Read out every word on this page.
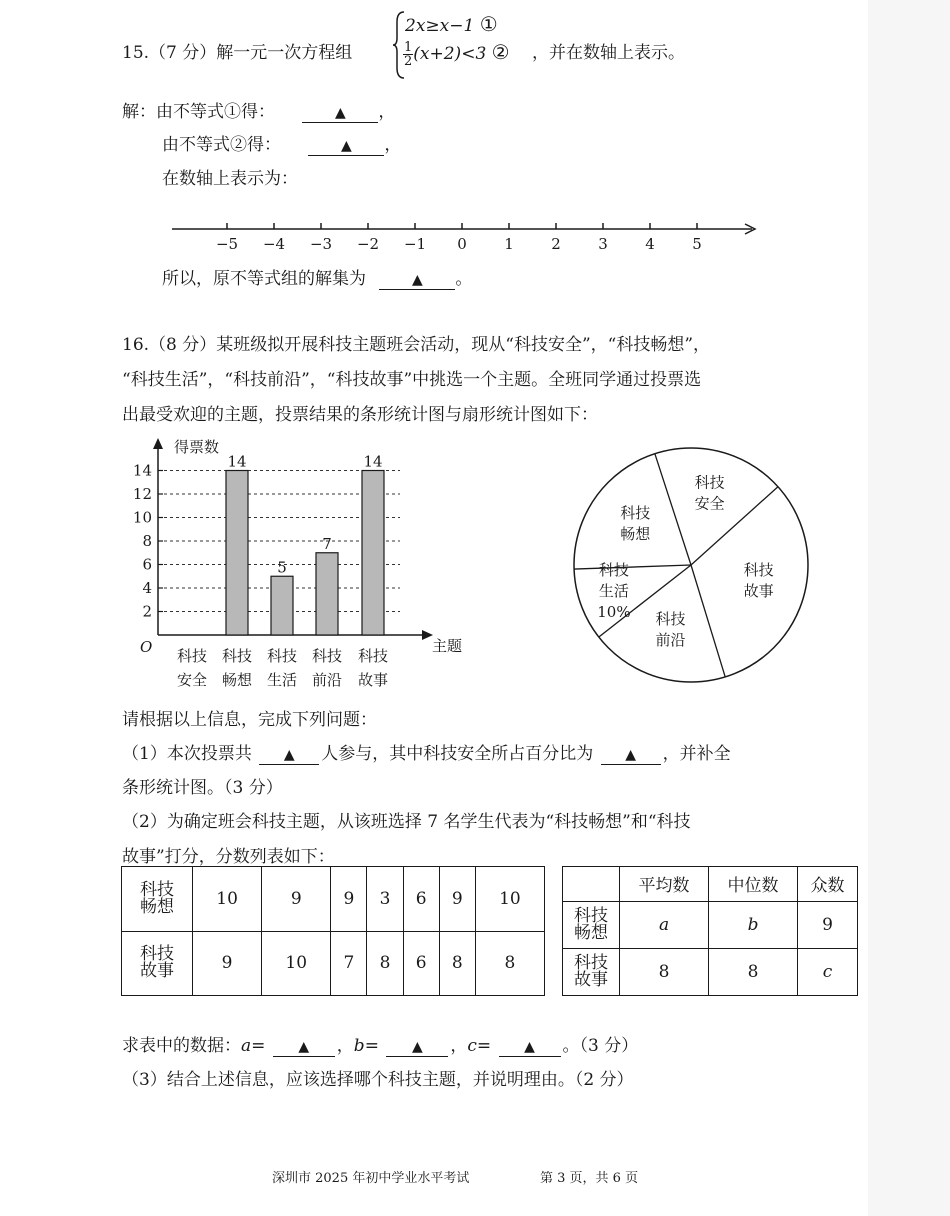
15.（7 分）解一元一次方程组
2x≥x−1 ①
$\frac{1}{2} (x+2)<3$ ② ，并在数轴上表示。
解：由不等式①得：	▲ ，
由不等式②得：	▲ ，
在数轴上表示为：
−5 −4 −3 −2 −1 0 1 2 3 4 5
所以，原不等式组的解集为	▲ 。
16.（8 分）某班级拟开展科技主题班会活动，现从“科技安全”，“科技畅想”，
“科技生活”，“科技前沿”，“科技故事”中挑选一个主题。全班同学通过投票选
出最受欢迎的主题，投票结果的条形统计图与扇形统计图如下：
2
4
6
8
10
12
14
得票数
主题
O 科技
安全
14
科技
畅想
5
科技
生活
7
科技
前沿
14
科技
故事
科技
安全
科技
故事
科技
前沿
科技
生活
10%
科技
畅想
请根据以上信息，完成下列问题：
（1）本次投票共 ▲ 人参与，其中科技安全所占百分比为 ▲ ，并补全
条形统计图。（3 分）
（2）为确定班会科技主题，从该班选择 7 名学生代表为“科技畅想”和“科技
故事”打分，分数列表如下：
科技
畅想	10	9	9	3	6	9	10

科技
故事	9	10	7	8	6	8	8
	平均数	中位数	众数

科技
畅想	a	b	9

科技
故事	8	8	c
求表中的数据：a= ▲ ，b= ▲ ，c= ▲ 。（3 分）
（3）结合上述信息，应该选择哪个科技主题，并说明理由。（2 分）
深圳市 2025 年初中学业水平考试	第 3 页，共 6 页
